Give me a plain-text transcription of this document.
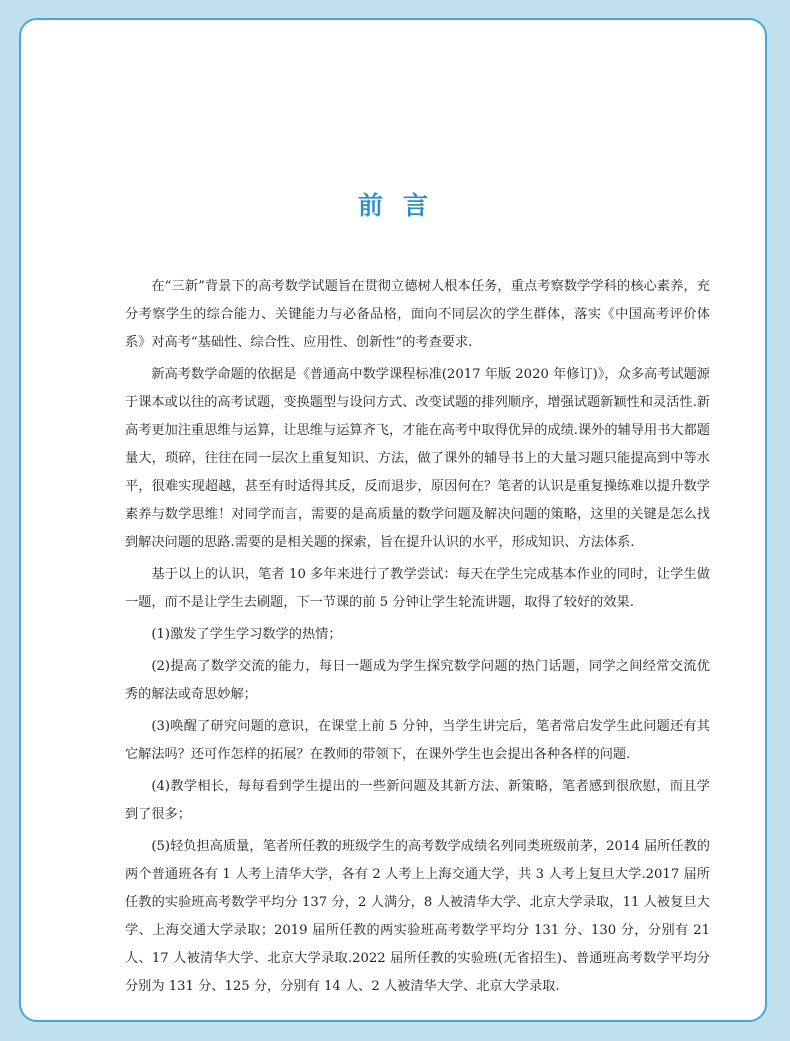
前言

在“三新”背景下的高考数学试题旨在贯彻立德树人根本任务，重点考察数学学科的核心素养，充分考察学生的综合能力、关键能力与必备品格，面向不同层次的学生群体，落实《中国高考评价体系》对高考“基础性、综合性、应用性、创新性”的考查要求.

新高考数学命题的依据是《普通高中数学课程标准(2017 年版 2020 年修订)》，众多高考试题源于课本或以往的高考试题，变换题型与设问方式、改变试题的排列顺序，增强试题新颖性和灵活性.新高考更加注重思维与运算，让思维与运算齐飞，才能在高考中取得优异的成绩.课外的辅导用书大都题量大，琐碎，往往在同一层次上重复知识、方法，做了课外的辅导书上的大量习题只能提高到中等水平，很难实现超越，甚至有时适得其反，反而退步，原因何在？笔者的认识是重复操练难以提升数学素养与数学思维！对同学而言，需要的是高质量的数学问题及解决问题的策略，这里的关键是怎么找到解决问题的思路.需要的是相关题的探索，旨在提升认识的水平，形成知识、方法体系.

基于以上的认识，笔者 10 多年来进行了教学尝试：每天在学生完成基本作业的同时，让学生做一题，而不是让学生去刷题，下一节课的前 5 分钟让学生轮流讲题，取得了较好的效果.

(1)激发了学生学习数学的热情；

(2)提高了数学交流的能力，每日一题成为学生探究数学问题的热门话题，同学之间经常交流优秀的解法或奇思妙解；

(3)唤醒了研究问题的意识，在课堂上前 5 分钟，当学生讲完后，笔者常启发学生此问题还有其它解法吗？还可作怎样的拓展？在教师的带领下，在课外学生也会提出各种各样的问题.

(4)教学相长，每每看到学生提出的一些新问题及其新方法、新策略，笔者感到很欣慰，而且学到了很多；

(5)轻负担高质量，笔者所任教的班级学生的高考数学成绩名列同类班级前茅，2014 届所任教的两个普通班各有 1 人考上清华大学，各有 2 人考上上海交通大学，共 3 人考上复旦大学.2017 届所任教的实验班高考数学平均分 137 分，2 人满分，8 人被清华大学、北京大学录取，11 人被复旦大学、上海交通大学录取；2019 届所任教的两实验班高考数学平均分 131 分、130 分，分别有 21 人、17 人被清华大学、北京大学录取.2022 届所任教的实验班(无省招生)、普通班高考数学平均分分别为 131 分、125 分，分别有 14 人、2 人被清华大学、北京大学录取.
